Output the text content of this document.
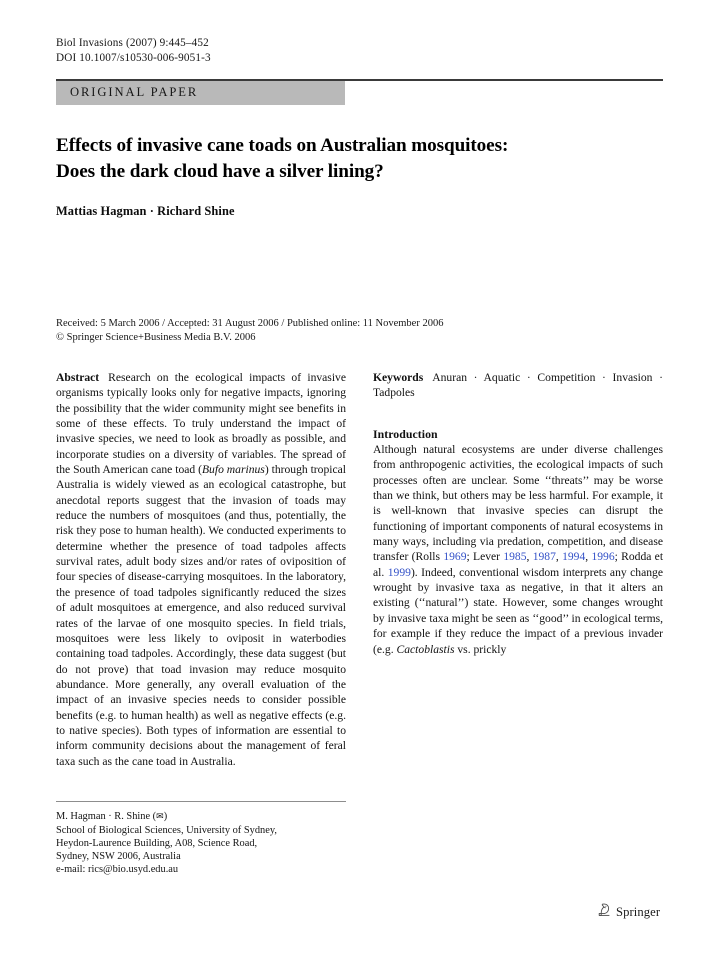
Biol Invasions (2007) 9:445–452
DOI 10.1007/s10530-006-9051-3
ORIGINAL PAPER
Effects of invasive cane toads on Australian mosquitoes:
Does the dark cloud have a silver lining?
Mattias Hagman · Richard Shine
Received: 5 March 2006 / Accepted: 31 August 2006 / Published online: 11 November 2006
© Springer Science+Business Media B.V. 2006

Abstract Research on the ecological impacts of invasive organisms typically looks only for negative impacts, ignoring the possibility that the wider community might see benefits in some of these effects. To truly understand the impact of invasive species, we need to look as broadly as possible, and incorporate studies on a diversity of variables. The spread of the South American cane toad (Bufo marinus) through tropical Australia is widely viewed as an ecological catastrophe, but anecdotal reports suggest that the invasion of toads may reduce the numbers of mosquitoes (and thus, potentially, the risk they pose to human health). We conducted experiments to determine whether the presence of toad tadpoles affects survival rates, adult body sizes and/or rates of oviposition of four species of disease-carrying mosquitoes. In the laboratory, the presence of toad tadpoles significantly reduced the sizes of adult mosquitoes at emergence, and also reduced survival rates of the larvae of one mosquito species. In field trials, mosquitoes were less likely to oviposit in waterbodies containing toad tadpoles. Accordingly, these data suggest (but do not prove) that toad invasion may reduce mosquito abundance. More generally, any overall evaluation of the impact of an invasive species needs to consider possible benefits (e.g. to human health) as well as negative effects (e.g. to native species). Both types of information are essential to inform community decisions about the management of feral taxa such as the cane toad in Australia.

Keywords Anuran · Aquatic · Competition · Invasion · Tadpoles

Introduction

Although natural ecosystems are under diverse challenges from anthropogenic activities, the ecological impacts of such processes often are unclear. Some ‘‘threats’’ may be worse than we think, but others may be less harmful. For example, it is well-known that invasive species can disrupt the functioning of important components of natural ecosystems in many ways, including via predation, competition, and disease transfer (Rolls 1969; Lever 1985, 1987, 1994, 1996; Rodda et al. 1999). Indeed, conventional wisdom interprets any change wrought by invasive taxa as negative, in that it alters an existing (‘‘natural’’) state. However, some changes wrought by invasive taxa might be seen as ‘‘good’’ in ecological terms, for example if they reduce the impact of a previous invader (e.g. Cactoblastis vs. prickly

M. Hagman · R. Shine (✉)
School of Biological Sciences, University of Sydney,
Heydon-Laurence Building, A08, Science Road,
Sydney, NSW 2006, Australia
e-mail: rics@bio.usyd.edu.au
Springer
